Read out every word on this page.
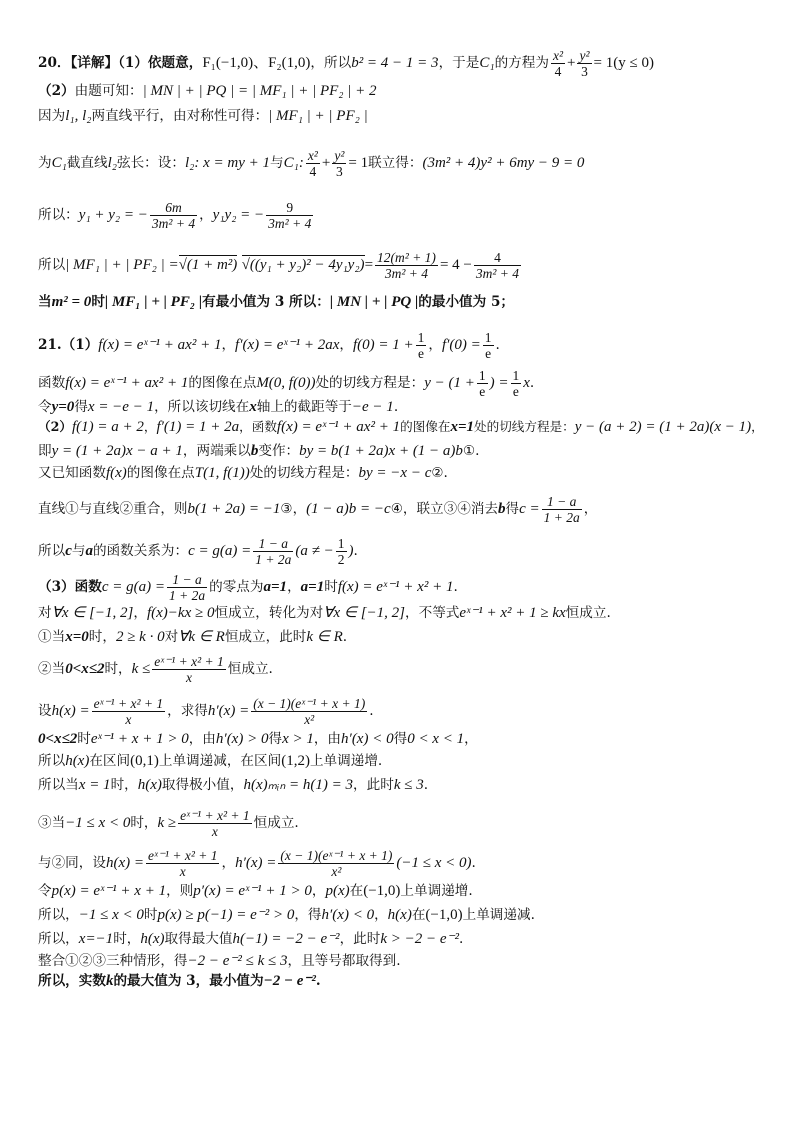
20．【详解】（1）依题意，F₁(−1,0)、F₂(1,0)，所以b² = 4 − 1 = 3，于是C₁的方程为 $\frac{\text{x²}}{4} + \frac{\text{y²}}{3} = 1(y \le 0)$
（2）由题可知：| MN | + | PQ | = | MF₁ | + | PF₂ | + 2
因为l₁, l₂两直线平行，由对称性可得：| MF₁ | + | PF₂ |
为C₁截直线l₂弦长：设：l₂: x = my + 1与C₁: $\frac{\text{x²}}{4} + \frac{\text{y²}}{3} = 1$联立得：(3m² + 4)y² + 6my − 9 = 0
所以：y₁ + y₂ = − $\frac{6m}{\text{3m² + 4}}$ ，y₁y₂ = − $\frac{9}{\text{3m² + 4}}$
所以| MF₁ | + | PF₂ | =√(1 + m²) $√((y_1 + y_2)^2 - 4y_1y_2)= \frac{\text{12(m² + 1)}}{\text{3m² + 4}} = 4 - \frac{4}{\text{3m² + 4}}$
当m² = 0时| MF₁ | + | PF₂ |有最小值为 3 所以：| MN | + | PQ |的最小值为 5；
21.（1）f(x) = eˣ⁻¹ + ax² + 1，f′(x) = eˣ⁻¹ + 2ax，$f(0) = 1 + \frac{1}{e}$ ，$f'(0) = \frac{1}{e}$ .
函数f(x) = eˣ⁻¹ + ax² + 1的图像在点M(0, f(0))处的切线方程是：$y - (1 + \frac{1}{e}$ ) = $\frac{1}{e} x$.
令y=0得x = −e − 1，所以该切线在x轴上的截距等于−e − 1.
（2）f(1) = a + 2，f′(1) = 1 + 2a，函数f(x) = eˣ⁻¹ + ax² + 1的图像在x=1处的切线方程是：y − (a + 2) = (1 + 2a)(x − 1)，
即y = (1 + 2a)x − a + 1，两端乘以b变作：by = b(1 + 2a)x + (1 − a)b①.
又已知函数f(x)的图像在点T(1, f(1))处的切线方程是：by = −x − c②.
直线①与直线②重合，则b(1 + 2a) = −1③，(1 − a)b = −c④，联立③④消去b得$c = \frac{1 - a}{1 + 2a}$ ，
所以c与a的函数关系为：$c = g(a) = \frac{1 - a}{1 + 2a} (a$ ≠ − $\frac{1}{2}$ ).
（3）函数$c = g(a) = \frac{1 - a}{1 + 2a}$ 的零点为a=1，a=1时f(x) = eˣ⁻¹ + x² + 1.
对∀x ∈ [−1, 2]，f(x)−kx ≥ 0恒成立，转化为对∀x ∈ [−1, 2]，不等式eˣ⁻¹ + x² + 1 ≥ kx恒成立.
①当x=0时，2 ≥ k · 0对∀k ∈ R恒成立，此时k ∈ R.
②当0<x≤2时，$k \le \frac{\text{eˣ⁻¹ + x² + 1}}{x}$ 恒成立.
设$h(x) = \frac{\text{eˣ⁻¹ + x² + 1}}{x}$ ，求得$h'(x) = \frac{\text{(x − 1)(eˣ⁻¹ + x + 1)}}{\text{x²}}$ .
0<x≤2时eˣ⁻¹ + x + 1 > 0，由h′(x) > 0得x > 1，由h′(x) < 0得0 < x < 1，
所以h(x)在区间(0,1)上单调递减，在区间(1,2)上单调递增.
所以当x = 1时，h(x)取得极小值，h(x)ₘᵢₙ = h(1) = 3，此时k ≤ 3.
③当−1 ≤ x < 0时，$k \ge \frac{\text{eˣ⁻¹ + x² + 1}}{x}$ 恒成立.
与②同，设$h(x) = \frac{\text{eˣ⁻¹ + x² + 1}}{x}$ ，$h'(x) = \frac{\text{(x − 1)(eˣ⁻¹ + x + 1)}}{\text{x²}} (-1 \le x < 0)$.
令p(x) = eˣ⁻¹ + x + 1，则p′(x) = eˣ⁻¹ + 1 > 0，p(x)在(−1,0)上单调递增.
所以，−1 ≤ x < 0时p(x) ≥ p(−1) = e⁻² > 0，得h′(x) < 0，h(x)在(−1,0)上单调递减.
所以，x=−1时，h(x)取得最大值h(−1) = −2 − e⁻²，此时k > −2 − e⁻².
整合①②③三种情形，得−2 − e⁻² ≤ k ≤ 3，且等号都取得到.
所以，实数k的最大值为 3，最小值为−2 − e⁻².
